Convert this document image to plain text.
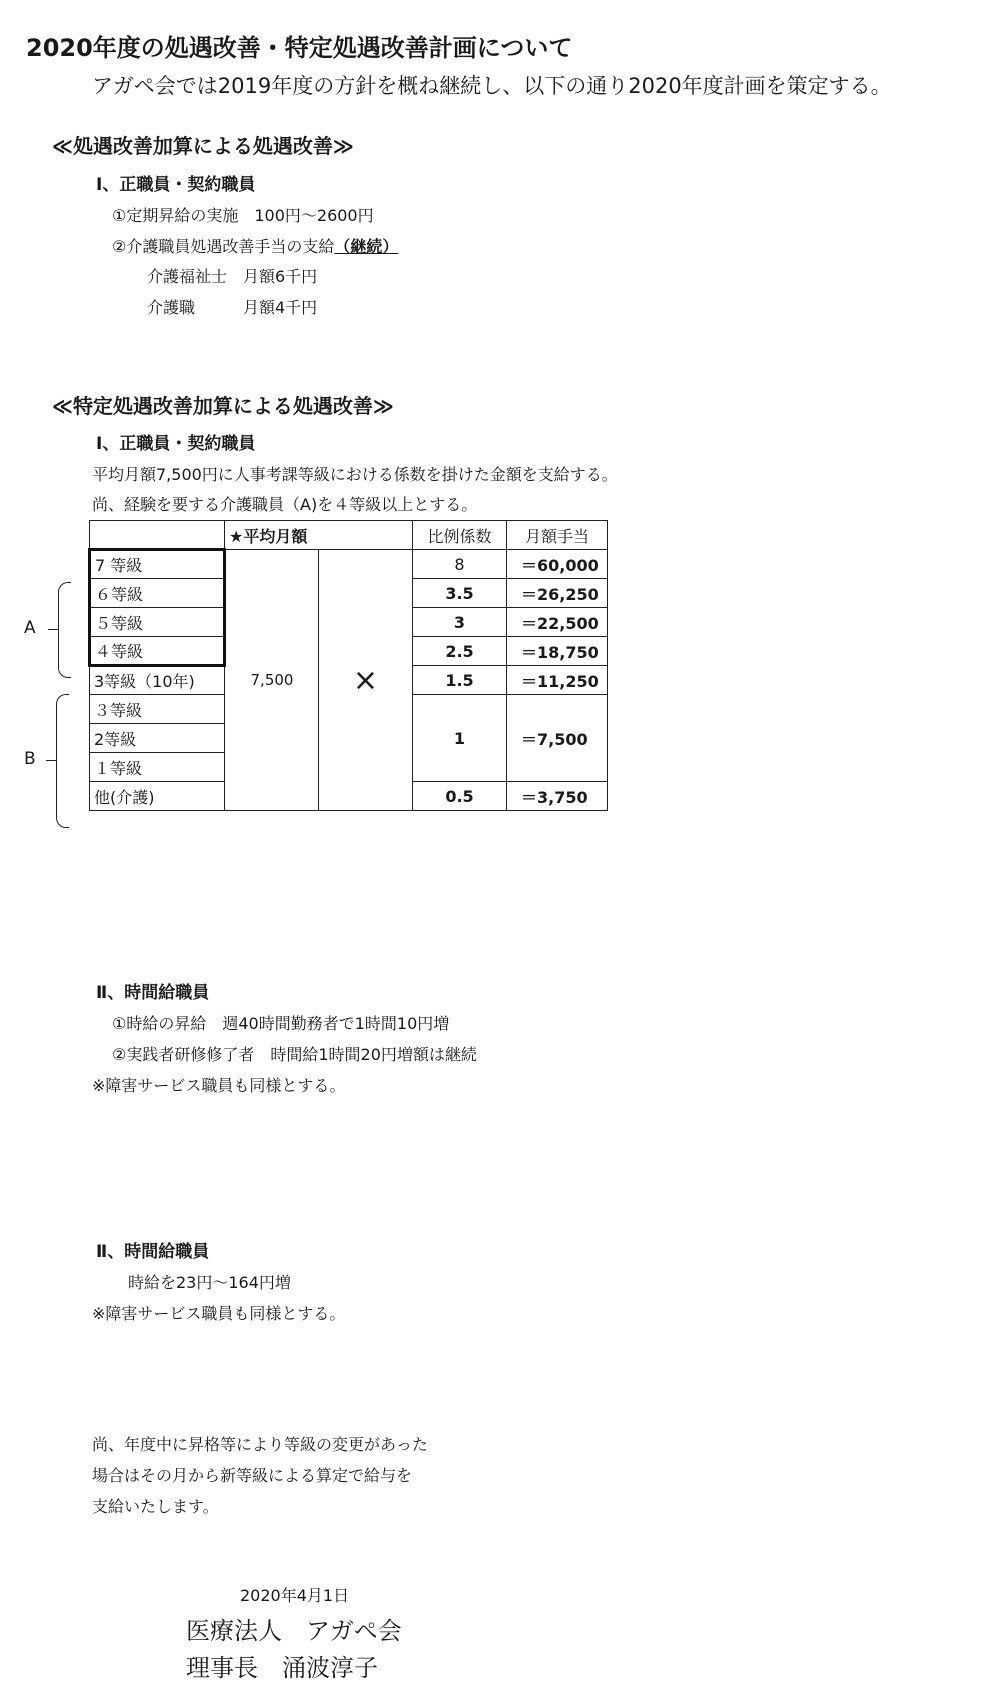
2020年度の処遇改善・特定処遇改善計画について
アガペ会では2019年度の方針を概ね継続し、以下の通り2020年度計画を策定する。
≪処遇改善加算による処遇改善≫
Ⅰ、正職員・契約職員
①定期昇給の実施　100円～2600円
②介護職員処遇改善手当の支給（継続）
介護福祉士　月額6千円
介護職　　　月額4千円
≪特定処遇改善加算による処遇改善≫
Ⅰ、正職員・契約職員
平均月額7,500円に人事考課等級における係数を掛けた金額を支給する。
尚、経験を要する介護職員（A)を４等級以上とする。
	★平均月額		比例係数	月額手当
7 等級	7,500	×	8	＝60,000
６等級			3.5	＝26,250
５等級			3	＝22,500
４等級			2.5	＝18,750
3等級（10年)			1.5	＝11,250
３等級			1	＝7,500
2等級				
１等級				
他(介護)			0.5	＝3,750
A
B
Ⅱ、時間給職員
①時給の昇給　週40時間勤務者で1時間10円増
②実践者研修修了者　時間給1時間20円増額は継続
※障害サービス職員も同様とする。
Ⅱ、時間給職員
時給を23円～164円増
※障害サービス職員も同様とする。
尚、年度中に昇格等により等級の変更があった
場合はその月から新等級による算定で給与を
支給いたします。
2020年4月1日
医療法人　アガペ会
理事長　涌波淳子
